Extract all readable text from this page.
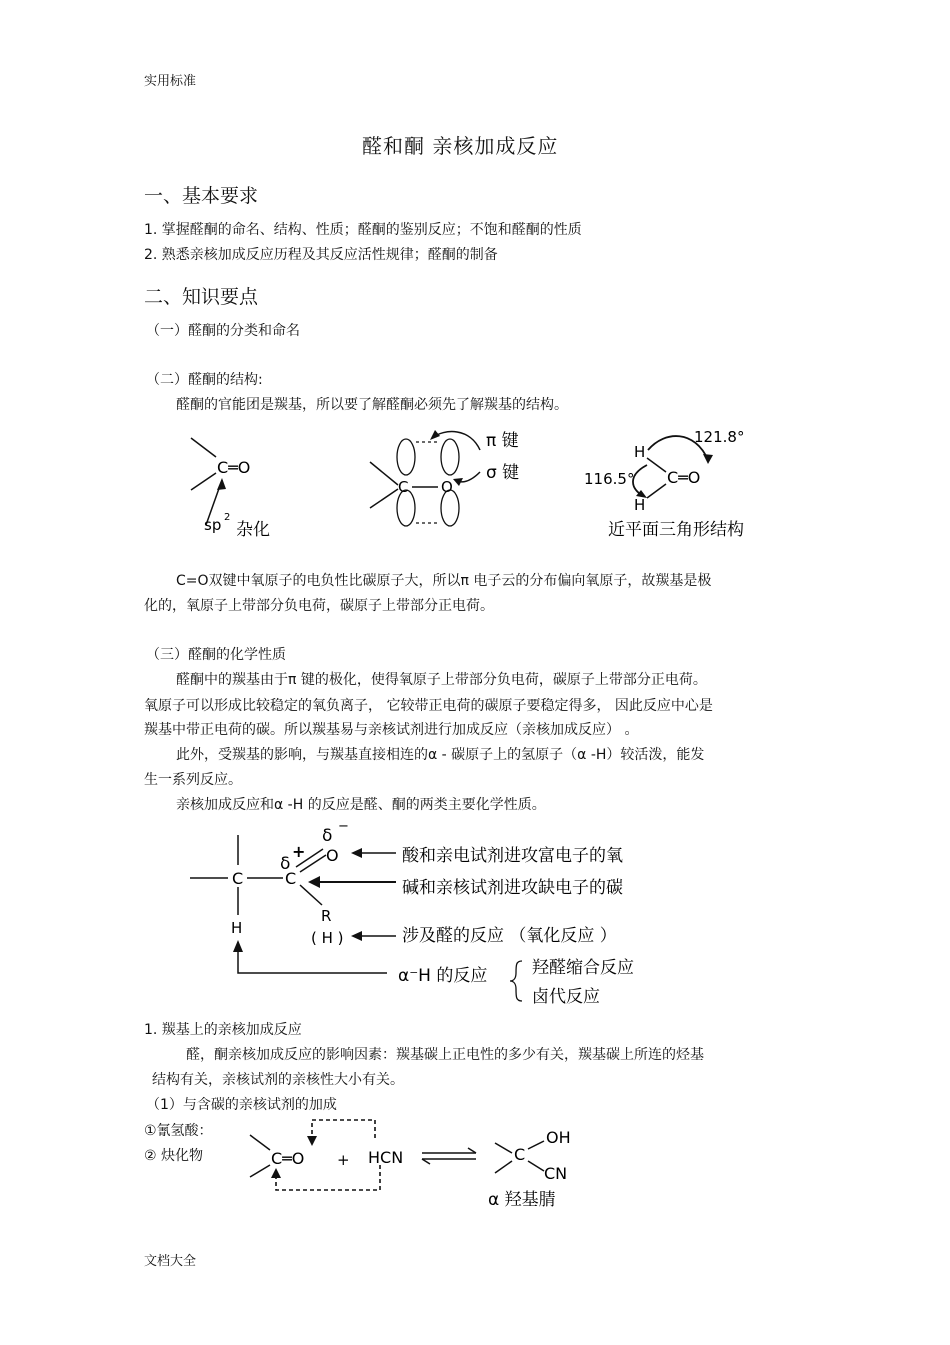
实用标准
醛和酮 亲核加成反应
一、基本要求
1. 掌握醛酮的命名、结构、性质；醛酮的鉴别反应；不饱和醛酮的性质
2. 熟悉亲核加成反应历程及其反应活性规律；醛酮的制备
二、知识要点
（一）醛酮的分类和命名
（二）醛酮的结构:
醛酮的官能团是羰基，所以要了解醛酮必须先了解羰基的结构。
C═O
sp 2
杂化
C O
π 键
σ 键
121.8°
H
116.5° C═O
H
近平面三角形结构
C=O双键中氧原子的电负性比碳原子大，所以π 电子云的分布偏向氧原子，故羰基是极
化的，氧原子上带部分负电荷，碳原子上带部分正电荷。
（三）醛酮的化学性质
醛酮中的羰基由于π 键的极化，使得氧原子上带部分负电荷，碳原子上带部分正电荷。
氧原子可以形成比较稳定的氧负离子， 它较带正电荷的碳原子要稳定得多， 因此反应中心是
羰基中带正电荷的碳。所以羰基易与亲核试剂进行加成反应（亲核加成反应） 。
此外，受羰基的影响，与羰基直接相连的α - 碳原子上的氢原子（α -H）较活泼，能发
生一系列反应。
亲核加成反应和α -H 的反应是醛、酮的两类主要化学性质。
δ −
O
δ
+
C	C
R
( H )
H
酸和亲电试剂进攻富电子的氧
碱和亲核试剂进攻缺电子的碳
涉及醛的反应 （氧化反应 ）
α⁻H 的反应	羟醛缩合反应
卤代反应
1. 羰基上的亲核加成反应
醛，酮亲核加成反应的影响因素：羰基碳上正电性的多少有关，羰基碳上所连的烃基
结构有关，亲核试剂的亲核性大小有关。
（1）与含碳的亲核试剂的加成
①氰氢酸：
② 炔化物	C═O + HCN	C
OH
CN
α 羟基腈
文档大全
